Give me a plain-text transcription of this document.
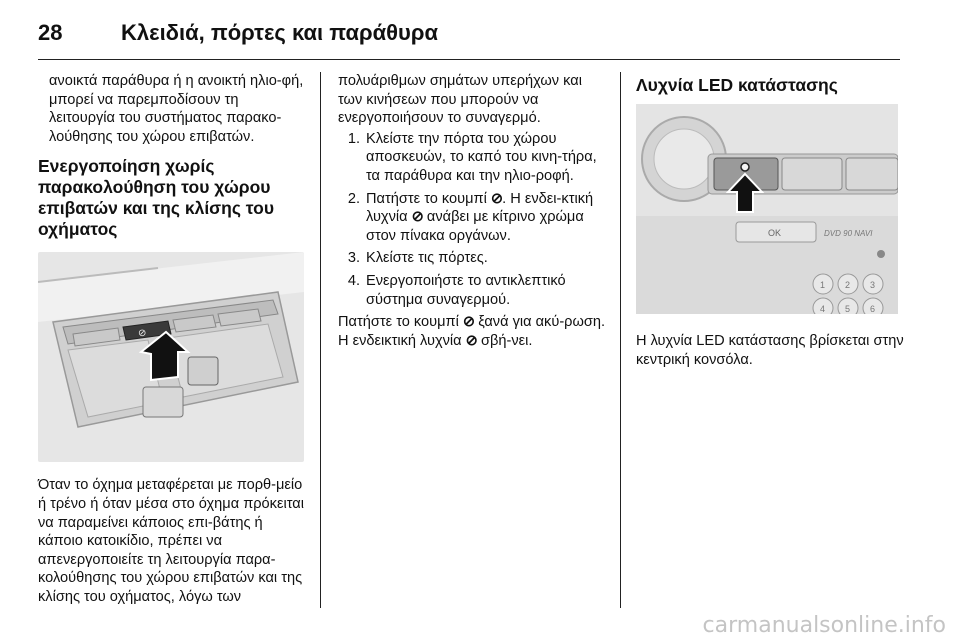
28	Κλειδιά, πόρτες και παράθυρα

ανοικτά παράθυρα ή η ανοικτή ηλιο-φή, μπορεί να παρεμποδίσουν τη λειτουργία του συστήματος παρακο-λούθησης του χώρου επιβατών.

Ενεργοποίηση χωρίς παρακολούθηση του χώρου επιβατών και της κλίσης του οχήματος
⊘

Όταν το όχημα μεταφέρεται με πορθ-μείο ή τρένο ή όταν μέσα στο όχημα πρόκειται να παραμείνει κάποιος επι-βάτης ή κάποιο κατοικίδιο, πρέπει να απενεργοποιείτε τη λειτουργία παρα-κολούθησης του χώρου επιβατών και της κλίσης του οχήματος, λόγω των

πολυάριθμων σημάτων υπερήχων και των κινήσεων που μπορούν να ενεργοποιήσουν το συναγερμό.

1. Κλείστε την πόρτα του χώρου αποσκευών, το καπό του κινη-τήρα, τα παράθυρα και την ηλιο-ροφή.
2. Πατήστε το κουμπί ⊘. Η ενδει-κτική λυχνία ⊘ ανάβει με κίτρινο χρώμα στον πίνακα οργάνων.
3. Κλείστε τις πόρτες.
4. Ενεργοποιήστε το αντικλεπτικό σύστημα συναγερμού.

Πατήστε το κουμπί ⊘ ξανά για ακύ-ρωση. Η ενδεικτική λυχνία ⊘ σβή-νει.

Λυχνία LED κατάστασης
OK	DVD 90 NAVI
1 2 3
4 5 6

Η λυχνία LED κατάστασης βρίσκεται στην κεντρική κονσόλα.

carmanualsonline.info
